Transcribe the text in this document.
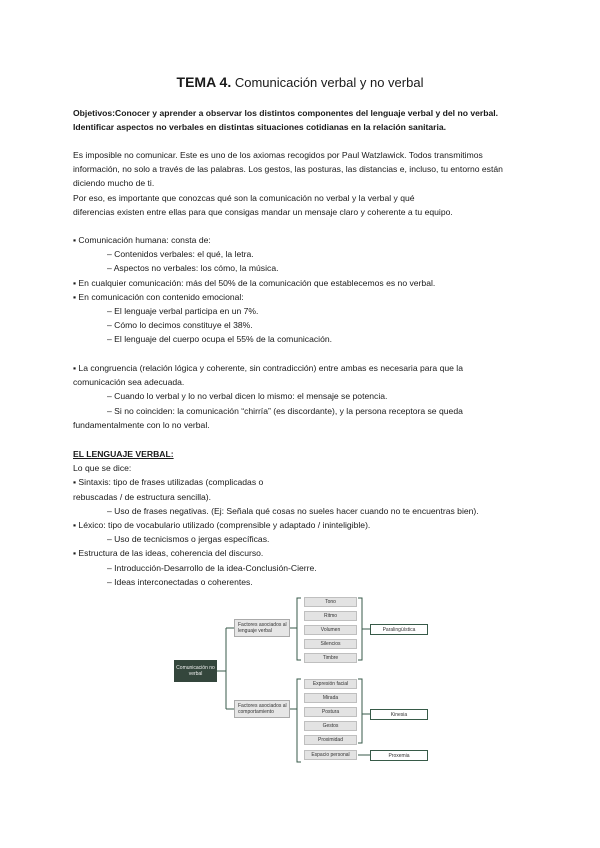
TEMA 4. Comunicación verbal y no verbal

Objetivos:Conocer y aprender a observar los distintos componentes del lenguaje verbal y del no verbal.

Identificar aspectos no verbales en distintas situaciones cotidianas en la relación sanitaria.

Es imposible no comunicar. Este es uno de los axiomas recogidos por Paul Watzlawick. Todos transmitimos

información, no solo a través de las palabras. Los gestos, las posturas, las distancias e, incluso, tu entorno están

diciendo mucho de ti.

Por eso, es importante que conozcas qué son la comunicación no verbal y la verbal y qué

diferencias existen entre ellas para que consigas mandar un mensaje claro y coherente a tu equipo.

▪ Comunicación humana: consta de:

– Contenidos verbales: el qué, la letra.

– Aspectos no verbales: los cómo, la música.

▪ En cualquier comunicación: más del 50% de la comunicación que establecemos es no verbal.

▪ En comunicación con contenido emocional:

– El lenguaje verbal participa en un 7%.

– Cómo lo decimos constituye el 38%.

– El lenguaje del cuerpo ocupa el 55% de la comunicación.

▪ La congruencia (relación lógica y coherente, sin contradicción) entre ambas es necesaria para que la

comunicación sea adecuada.

– Cuando lo verbal y lo no verbal dicen lo mismo: el mensaje se potencia.

– Si no coinciden: la comunicación “chirría” (es discordante), y la persona receptora se queda

fundamentalmente con lo no verbal.

EL LENGUAJE VERBAL:

Lo que se dice:

▪ Sintaxis: tipo de frases utilizadas (complicadas o

rebuscadas / de estructura sencilla).

– Uso de frases negativas. (Ej: Señala qué cosas no sueles hacer cuando no te encuentras bien).

▪ Léxico: tipo de vocabulario utilizado (comprensible y adaptado / ininteligible).

– Uso de tecnicismos o jergas específicas.

▪ Estructura de las ideas, coherencia del discurso.

– Introducción-Desarrollo de la idea-Conclusión-Cierre.

– Ideas interconectadas o coherentes.

Comunicación no verbal
Factores asociados al lenguaje verbal
Factores asociados al comportamiento
Tono
Ritmo
Volumen
Silencios
Timbre
Expresión facial
Mirada
Postura
Gestos
Proximidad
Espacio personal
Paralingüística
Kinesia
Proxemia
